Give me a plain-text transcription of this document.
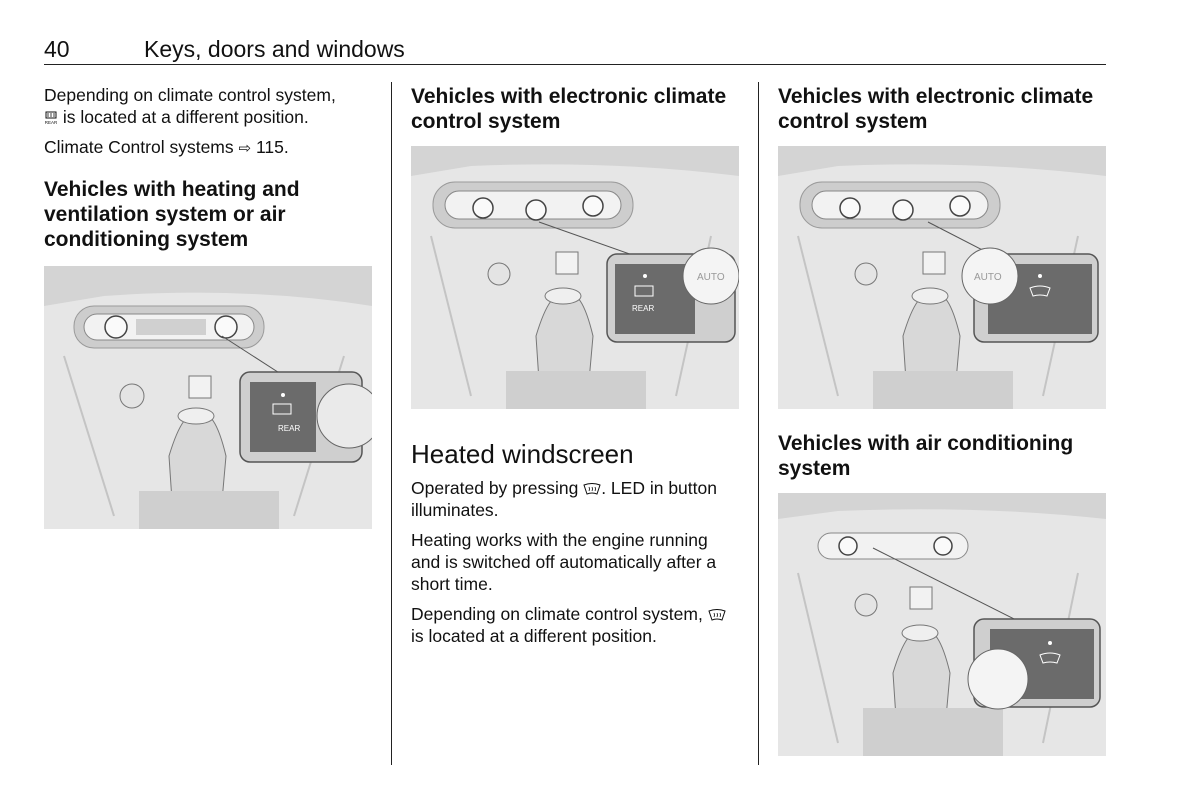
40	Keys, doors and windows

Depending on climate control system,

REAR is located at a different position.

Climate Control systems ⇨ 115.

Vehicles with heating and ventilation system or air conditioning system
REAR
Vehicles with electronic climate control system
AUTO
REAR
Heated windscreen

Operated by pressing . LED in button illuminates.

Heating works with the engine running and is switched off automatically after a short time.

Depending on climate control system,  is located at a different position.

Vehicles with electronic climate control system
AUTO
Vehicles with air conditioning system
